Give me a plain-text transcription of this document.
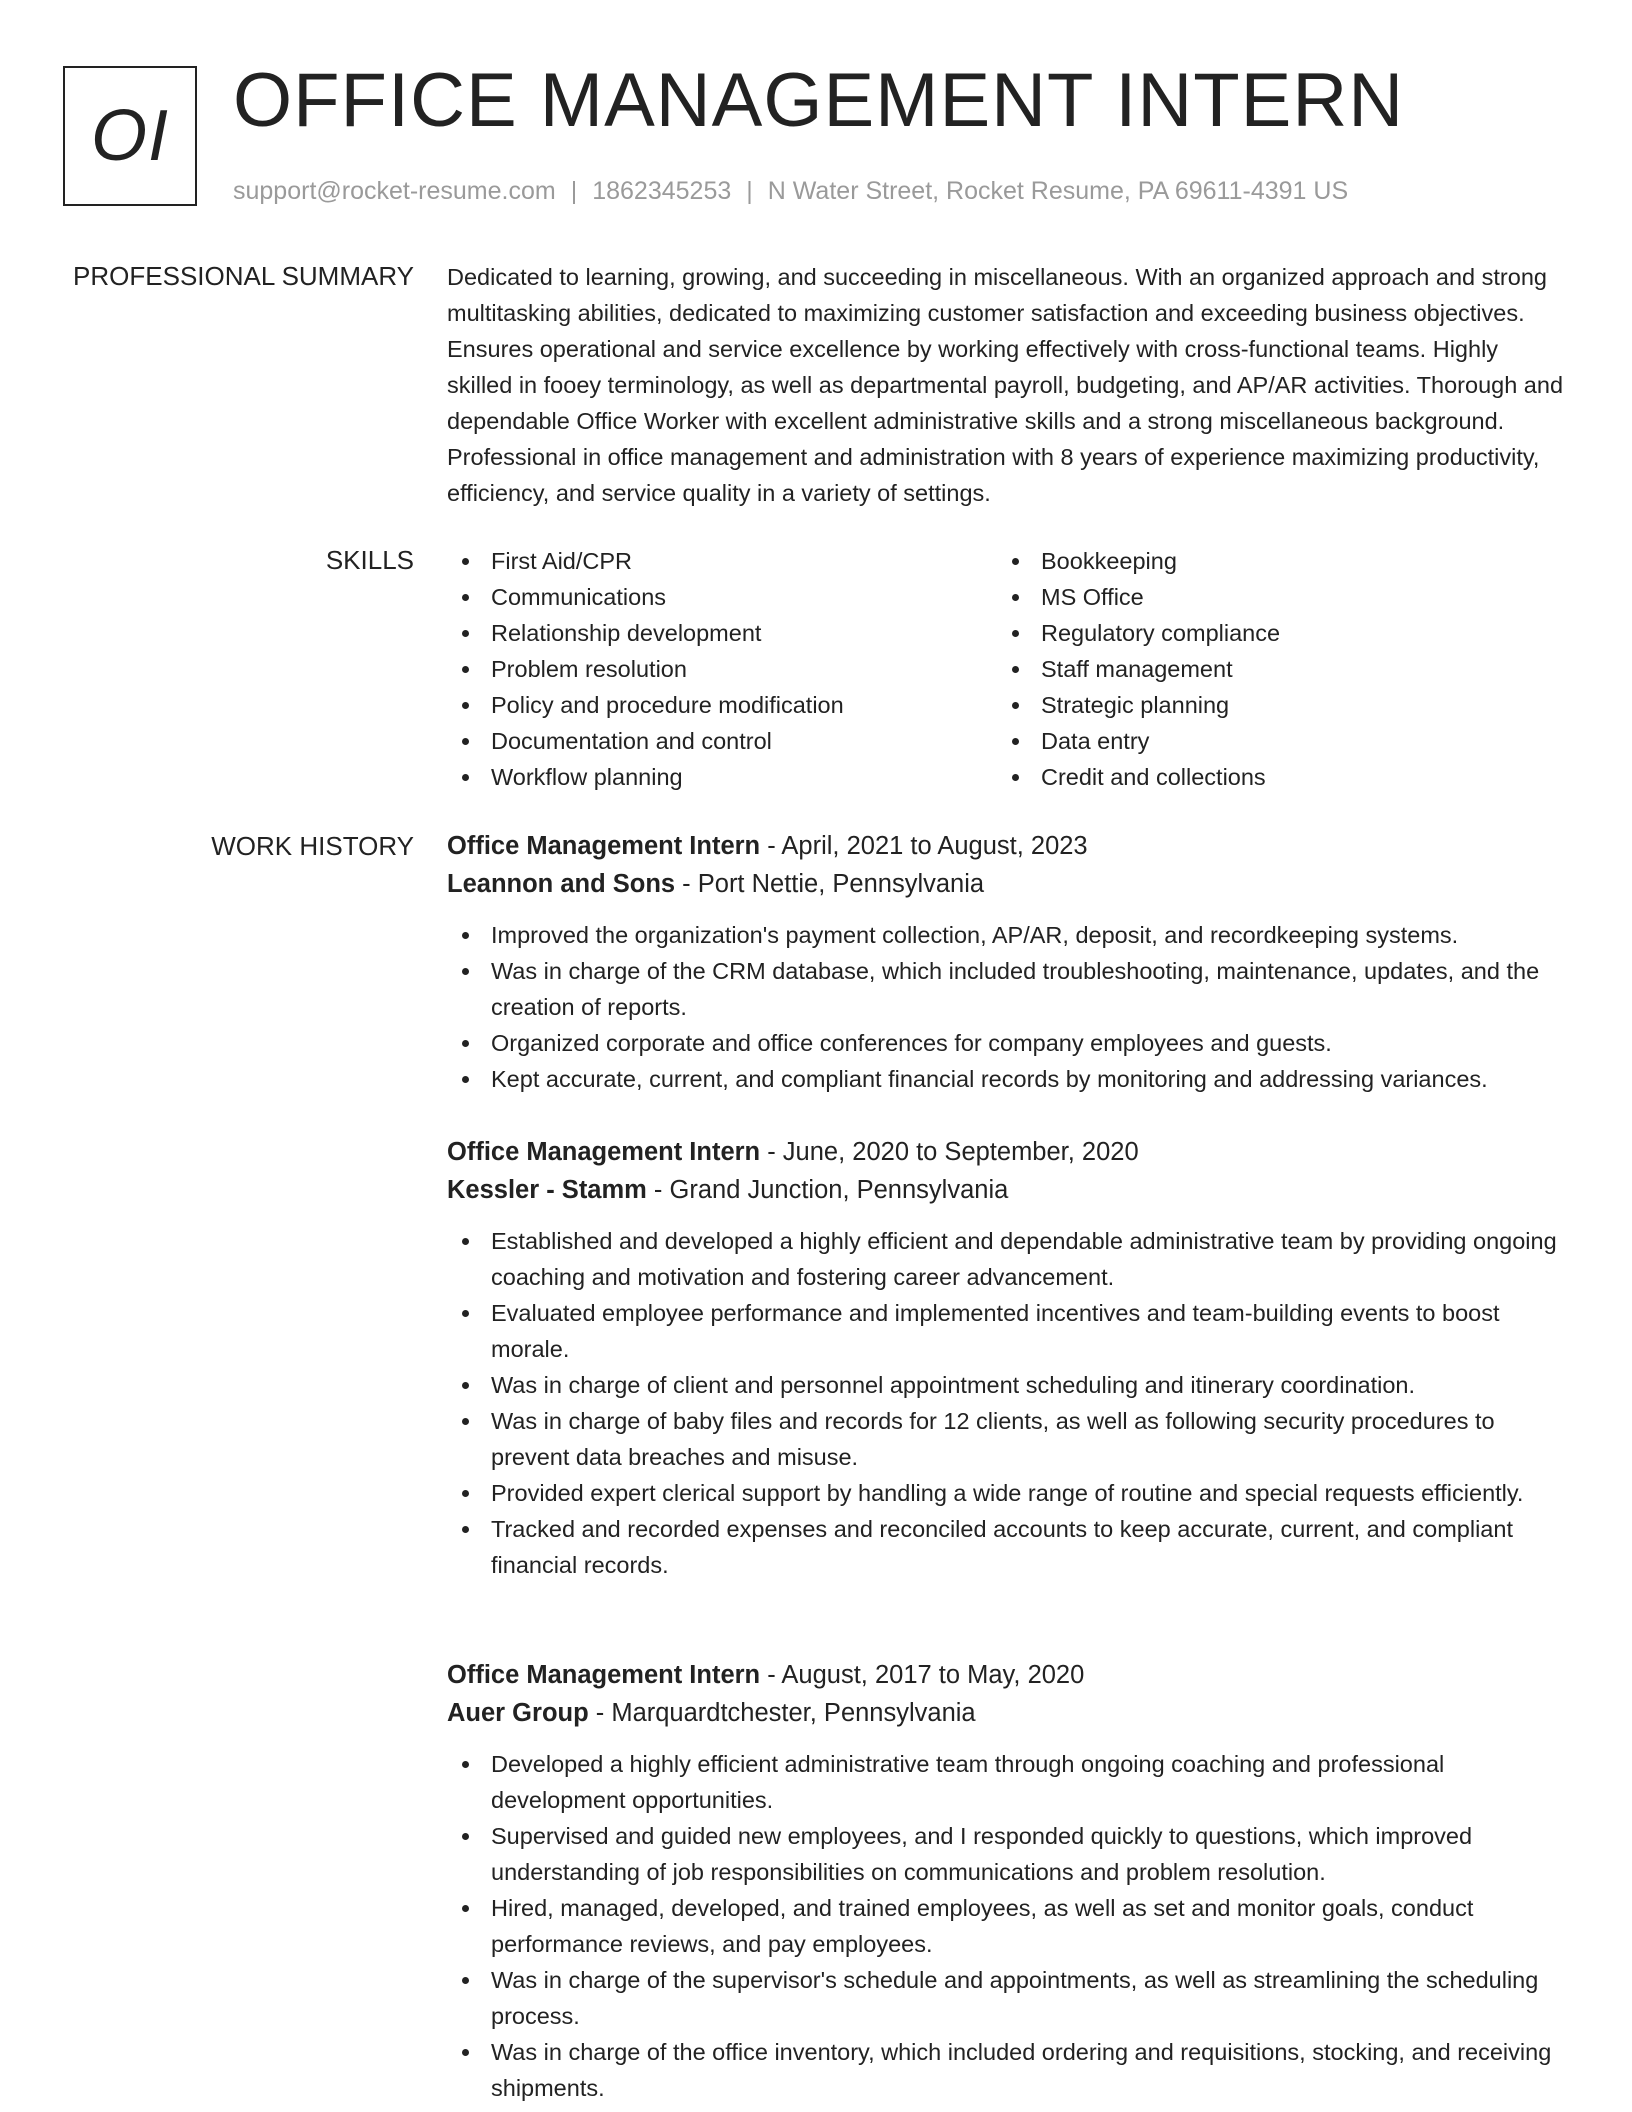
OI OFFICE MANAGEMENT INTERN
support@rocket-resume.com | 1862345253 | N Water Street, Rocket Resume, PA 69611-4391 US
PROFESSIONAL SUMMARY Dedicated to learning, growing, and succeeding in miscellaneous. With an organized approach and strong multitasking abilities, dedicated to maximizing customer satisfaction and exceeding business objectives. Ensures operational and service excellence by working effectively with cross-functional teams. Highly skilled in fooey terminology, as well as departmental payroll, budgeting, and AP/AR activities. Thorough and dependable Office Worker with excellent administrative skills and a strong miscellaneous background. Professional in office management and administration with 8 years of experience maximizing productivity, efficiency, and service quality in a variety of settings.

SKILLS	First Aid/CPR
Communications
Relationship development
Problem resolution
Policy and procedure modification
Documentation and control
Workflow planning
Bookkeeping
MS Office
Regulatory compliance
Staff management
Strategic planning
Data entry
Credit and collections
WORK HISTORY Office Management Intern - April, 2021 to August, 2023
Leannon and Sons - Port Nettie, Pennsylvania
Improved the organization's payment collection, AP/AR, deposit, and recordkeeping systems.
Was in charge of the CRM database, which included troubleshooting, maintenance, updates, and the creation of reports.
Organized corporate and office conferences for company employees and guests.
Kept accurate, current, and compliant financial records by monitoring and addressing variances.
Office Management Intern - June, 2020 to September, 2020
Kessler - Stamm - Grand Junction, Pennsylvania
Established and developed a highly efficient and dependable administrative team by providing ongoing coaching and motivation and fostering career advancement.
Evaluated employee performance and implemented incentives and team-building events to boost morale.
Was in charge of client and personnel appointment scheduling and itinerary coordination.
Was in charge of baby files and records for 12 clients, as well as following security procedures to prevent data breaches and misuse.
Provided expert clerical support by handling a wide range of routine and special requests efficiently.
Tracked and recorded expenses and reconciled accounts to keep accurate, current, and compliant financial records.
Office Management Intern - August, 2017 to May, 2020
Auer Group - Marquardtchester, Pennsylvania
Developed a highly efficient administrative team through ongoing coaching and professional development opportunities.
Supervised and guided new employees, and I responded quickly to questions, which improved understanding of job responsibilities on communications and problem resolution.
Hired, managed, developed, and trained employees, as well as set and monitor goals, conduct performance reviews, and pay employees.
Was in charge of the supervisor's schedule and appointments, as well as streamlining the scheduling process.
Was in charge of the office inventory, which included ordering and requisitions, stocking, and receiving shipments.
